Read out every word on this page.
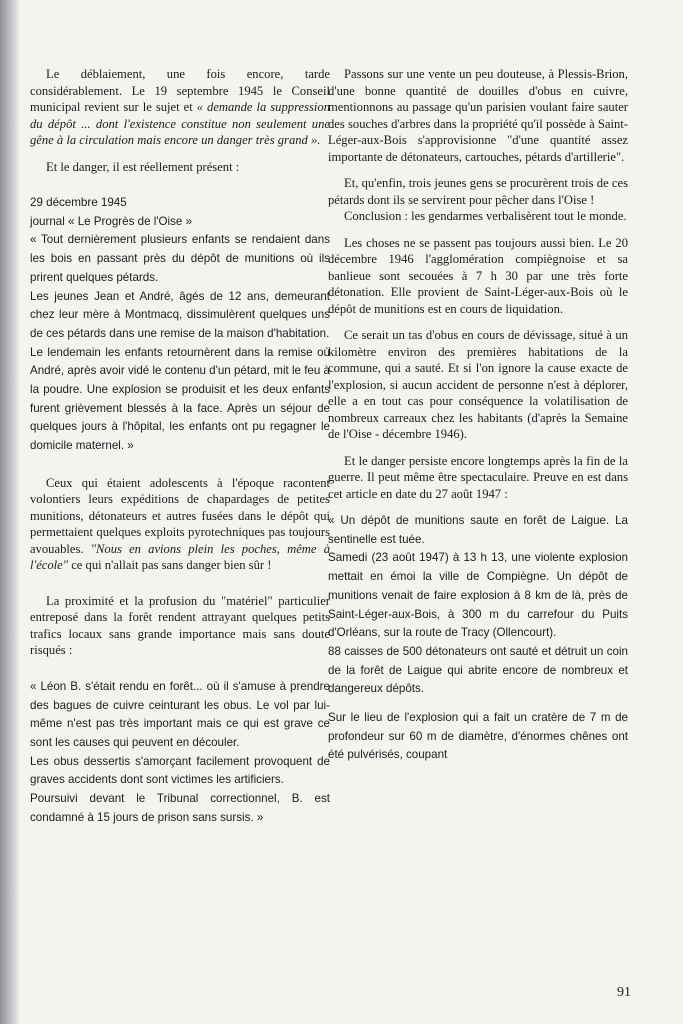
Le déblaiement, une fois encore, tarde considérablement. Le 19 septembre 1945 le Conseil municipal revient sur le sujet et « demande la suppression du dépôt ... dont l'existence constitue non seulement une gêne à la circulation mais encore un danger très grand ».

Et le danger, il est réellement présent :

29 décembre 1945

journal « Le Progrès de l'Oise »

« Tout dernièrement plusieurs enfants se rendaient dans les bois en passant près du dépôt de munitions où ils prirent quelques pétards.

Les jeunes Jean et André, âgés de 12 ans, demeurant chez leur mère à Montmacq, dissimulèrent quelques uns de ces pétards dans une remise de la maison d'habitation.

Le lendemain les enfants retournèrent dans la remise où André, après avoir vidé le contenu d'un pétard, mit le feu à la poudre. Une explosion se produisit et les deux enfants furent grièvement blessés à la face. Après un séjour de quelques jours à l'hôpital, les enfants ont pu regagner le domicile maternel. »

Ceux qui étaient adolescents à l'époque racontent volontiers leurs expéditions de chapardages de petites munitions, détonateurs et autres fusées dans le dépôt qui permettaient quelques exploits pyrotechniques pas toujours avouables. "Nous en avions plein les poches, même à l'école" ce qui n'allait pas sans danger bien sûr !

La proximité et la profusion du "matériel" particulier entreposé dans la forêt rendent attrayant quelques petits trafics locaux sans grande importance mais sans doute risqués :

« Léon B. s'était rendu en forêt... où il s'amuse à prendre des bagues de cuivre ceinturant les obus. Le vol par lui-même n'est pas très important mais ce qui est grave ce sont les causes qui peuvent en découler.

Les obus dessertis s'amorçant facilement provoquent de graves accidents dont sont victimes les artificiers.

Poursuivi devant le Tribunal correctionnel, B. est condamné à 15 jours de prison sans sursis. »

Passons sur une vente un peu douteuse, à Plessis-Brion, d'une bonne quantité de douilles d'obus en cuivre, mentionnons au passage qu'un parisien voulant faire sauter des souches d'arbres dans la propriété qu'il possède à Saint-Léger-aux-Bois s'approvisionne "d'une quantité assez importante de détonateurs, cartouches, pétards d'artillerie".

Et, qu'enfin, trois jeunes gens se procurèrent trois de ces pétards dont ils se servirent pour pêcher dans l'Oise !

Conclusion : les gendarmes verbalisèrent tout le monde.

Les choses ne se passent pas toujours aussi bien. Le 20 décembre 1946 l'agglomération compiègnoise et sa banlieue sont secouées à 7 h 30 par une très forte détonation. Elle provient de Saint-Léger-aux-Bois où le dépôt de munitions est en cours de liquidation.

Ce serait un tas d'obus en cours de dévissage, situé à un kilomètre environ des premières habitations de la commune, qui a sauté. Et si l'on ignore la cause exacte de l'explosion, si aucun accident de personne n'est à déplorer, elle a en tout cas pour conséquence la volatilisation de nombreux carreaux chez les habitants (d'après la Semaine de l'Oise - décembre 1946).

Et le danger persiste encore longtemps après la fin de la guerre. Il peut même être spectaculaire. Preuve en est dans cet article en date du 27 août 1947 :

« Un dépôt de munitions saute en forêt de Laigue. La sentinelle est tuée.

Samedi (23 août 1947) à 13 h 13, une violente explosion mettait en émoi la ville de Compiègne. Un dépôt de munitions venait de faire explosion à 8 km de là, près de Saint-Léger-aux-Bois, à 300 m du carrefour du Puits d'Orléans, sur la route de Tracy (Ollencourt).

88 caisses de 500 détonateurs ont sauté et détruit un coin de la forêt de Laigue qui abrite encore de nombreux et dangereux dépôts.

Sur le lieu de l'explosion qui a fait un cratère de 7 m de profondeur sur 60 m de diamètre, d'énormes chênes ont été pulvérisés, coupant

91
